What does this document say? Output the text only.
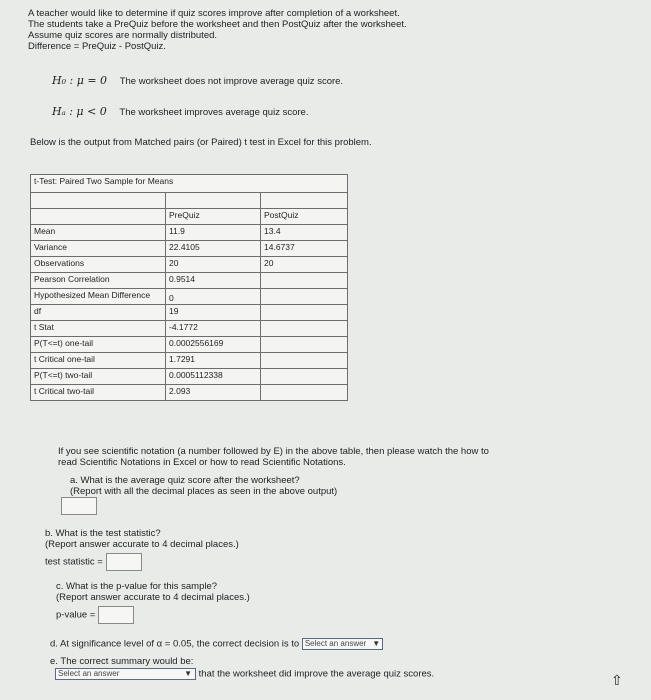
A teacher would like to determine if quiz scores improve after completion of a worksheet.
The students take a PreQuiz before the worksheet and then PostQuiz after the worksheet.
Assume quiz scores are normally distributed.
Difference = PreQuiz - PostQuiz.
H₀ : μ = 0 The worksheet does not improve average quiz score.
Hₐ : μ < 0 The worksheet improves average quiz score.
Below is the output from Matched pairs (or Paired) t test in Excel for this problem.
t-Test: Paired Two Sample for Means		

	PreQuiz	PostQuiz
Mean	11.9	13.4
Variance	22.4105	14.6737
Observations	20	20
Pearson Correlation	0.9514	
Hypothesized Mean Difference	0	
df	19	
t Stat	-4.1772	
P(T<=t) one-tail	0.0002556169	
t Critical one-tail	1.7291	
P(T<=t) two-tail	0.0005112338	
t Critical two-tail	2.093	
If you see scientific notation (a number followed by E) in the above table, then please watch the how to
read Scientific Notations in Excel or how to read Scientific Notations.
a. What is the average quiz score after the worksheet?
(Report with all the decimal places as seen in the above output)
b. What is the test statistic?
(Report answer accurate to 4 decimal places.)
test statistic =
c. What is the p-value for this sample?
(Report answer accurate to 4 decimal places.)
p-value =
d. At significance level of α = 0.05, the correct decision is to Select an answer ▼
e. The correct summary would be:
Select an answer	▼ that the worksheet did improve the average quiz scores.	⇧
